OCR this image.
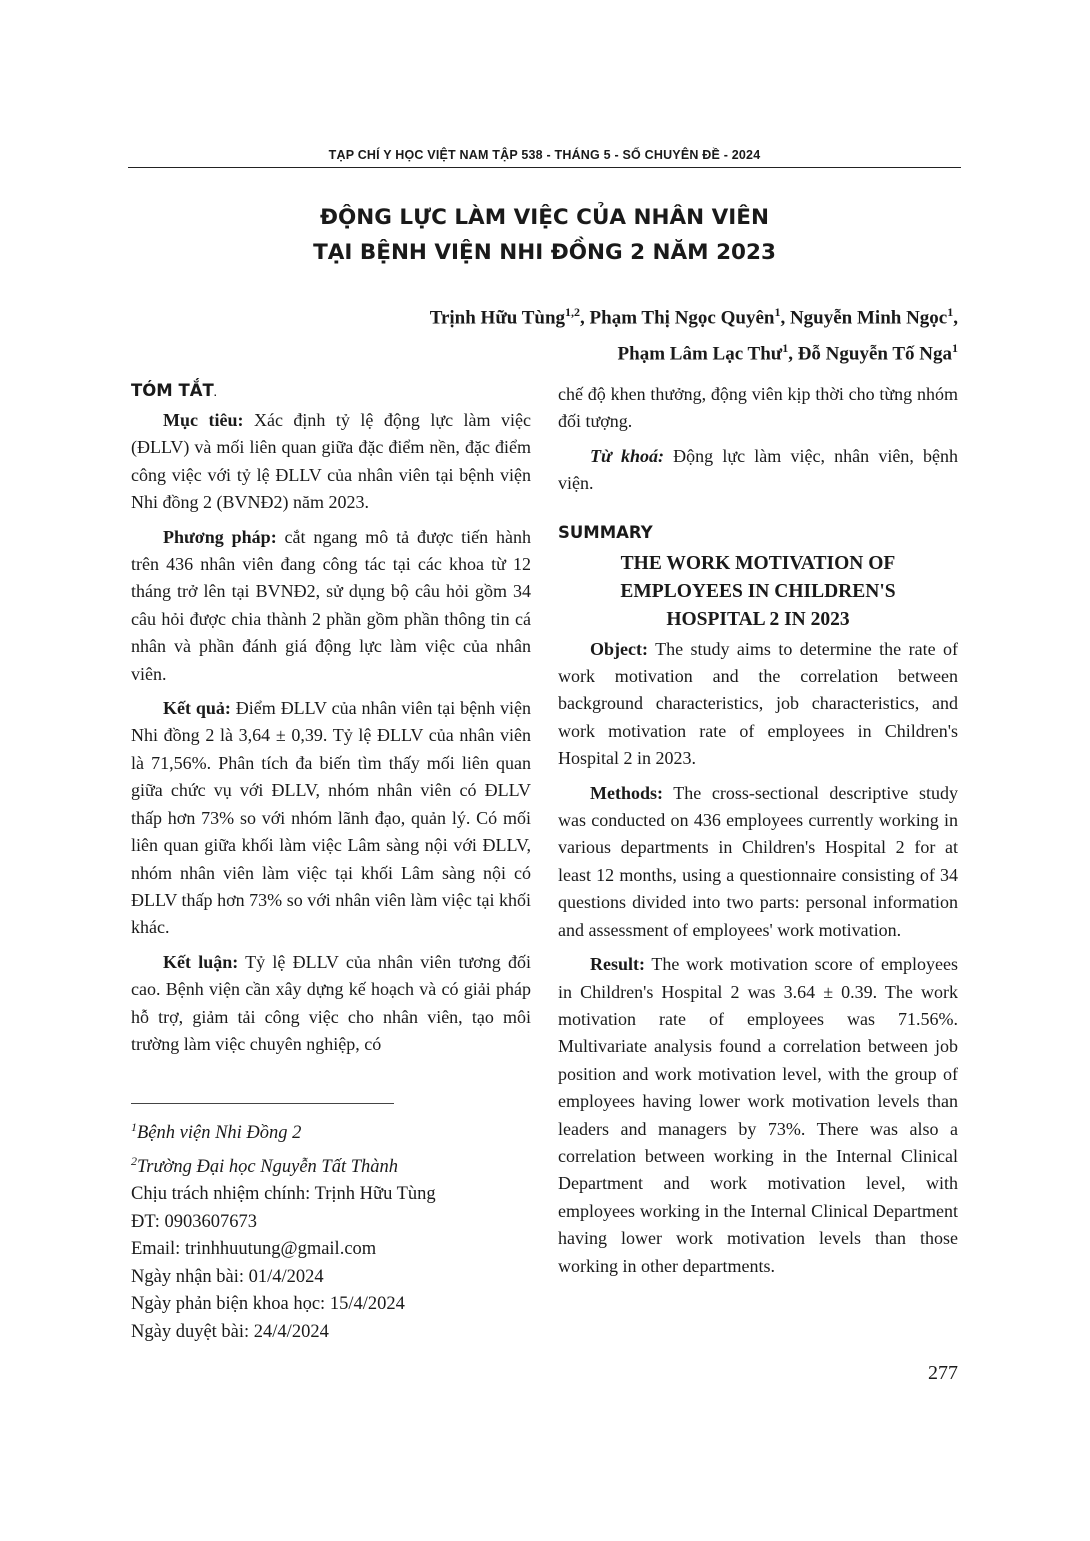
TẠP CHÍ Y HỌC VIỆT NAM TẬP 538 - THÁNG 5 - SỐ CHUYÊN ĐỀ - 2024
ĐỘNG LỰC LÀM VIỆC CỦA NHÂN VIÊN
TẠI BỆNH VIỆN NHI ĐỒNG 2 NĂM 2023
Trịnh Hữu Tùng$^{1,2}$, Phạm Thị Ngọc Quyên$^1$, Nguyễn Minh Ngọc$^1$,
Phạm Lâm Lạc Thư$^1$, Đỗ Nguyễn Tố Nga$^1$
TÓM TẮT.

Mục tiêu: Xác định tỷ lệ động lực làm việc (ĐLLV) và mối liên quan giữa đặc điểm nền, đặc điểm công việc với tỷ lệ ĐLLV của nhân viên tại bệnh viện Nhi đồng 2 (BVNĐ2) năm 2023.

Phương pháp: cắt ngang mô tả được tiến hành trên 436 nhân viên đang công tác tại các khoa từ 12 tháng trở lên tại BVNĐ2, sử dụng bộ câu hỏi gồm 34 câu hỏi được chia thành 2 phần gồm phần thông tin cá nhân và phần đánh giá động lực làm việc của nhân viên.

Kết quả: Điểm ĐLLV của nhân viên tại bệnh viện Nhi đồng 2 là 3,64 ± 0,39. Tỷ lệ ĐLLV của nhân viên là 71,56%. Phân tích đa biến tìm thấy mối liên quan giữa chức vụ với ĐLLV, nhóm nhân viên có ĐLLV thấp hơn 73% so với nhóm lãnh đạo, quản lý. Có mối liên quan giữa khối làm việc Lâm sàng nội với ĐLLV, nhóm nhân viên làm việc tại khối Lâm sàng nội có ĐLLV thấp hơn 73% so với nhân viên làm việc tại khối khác.

Kết luận: Tỷ lệ ĐLLV của nhân viên tương đối cao. Bệnh viện cần xây dựng kế hoạch và có giải pháp hỗ trợ, giảm tải công việc cho nhân viên, tạo môi trường làm việc chuyên nghiệp, có

chế độ khen thưởng, động viên kịp thời cho từng nhóm đối tượng.

Từ khoá: Động lực làm việc, nhân viên, bệnh viện.

SUMMARY
THE WORK MOTIVATION OF
EMPLOYEES IN CHILDREN'S
HOSPITAL 2 IN 2023

Object: The study aims to determine the rate of work motivation and the correlation between background characteristics, job characteristics, and work motivation rate of employees in Children's Hospital 2 in 2023.

Methods: The cross-sectional descriptive study was conducted on 436 employees currently working in various departments in Children's Hospital 2 for at least 12 months, using a questionnaire consisting of 34 questions divided into two parts: personal information and assessment of employees' work motivation.

Result: The work motivation score of employees in Children's Hospital 2 was 3.64 ± 0.39. The work motivation rate of employees was 71.56%. Multivariate analysis found a correlation between job position and work motivation level, with the group of employees having lower work motivation levels than leaders and managers by 73%. There was also a correlation between working in the Internal Clinical Department and work motivation level, with employees working in the Internal Clinical Department having lower work motivation levels than those working in other departments.

$^1$Bệnh viện Nhi Đồng 2
$^2$Trường Đại học Nguyễn Tất Thành
Chịu trách nhiệm chính: Trịnh Hữu Tùng
ĐT: 0903607673
Email: trinhhuutung@gmail.com
Ngày nhận bài: 01/4/2024
Ngày phản biện khoa học: 15/4/2024
Ngày duyệt bài: 24/4/2024
277
